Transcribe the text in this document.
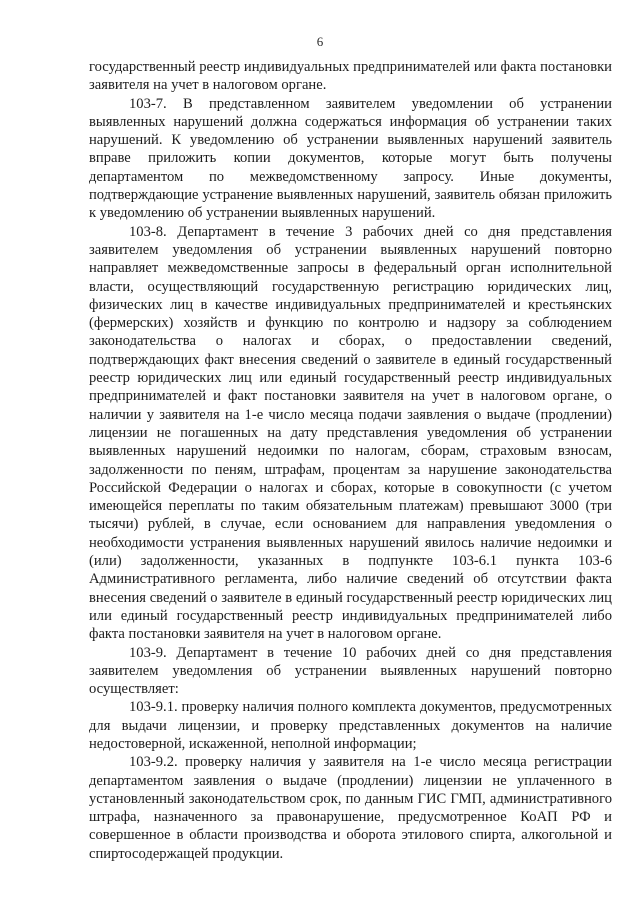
6

государственный реестр индивидуальных предпринимателей или факта постановки заявителя на учет в налоговом органе.

103-7. В представленном заявителем уведомлении об устранении выявленных нарушений должна содержаться информация об устранении таких нарушений. К уведомлению об устранении выявленных нарушений заявитель вправе приложить копии документов, которые могут быть получены департаментом по межведомственному запросу. Иные документы, подтверждающие устранение выявленных нарушений, заявитель обязан приложить к уведомлению об устранении выявленных нарушений.

103-8. Департамент в течение 3 рабочих дней со дня представления заявителем уведомления об устранении выявленных нарушений повторно направляет межведомственные запросы в федеральный орган исполнительной власти, осуществляющий государственную регистрацию юридических лиц, физических лиц в качестве индивидуальных предпринимателей и крестьянских (фермерских) хозяйств и функцию по контролю и надзору за соблюдением законодательства о налогах и сборах, о предоставлении сведений, подтверждающих факт внесения сведений о заявителе в единый государственный реестр юридических лиц или единый государственный реестр индивидуальных предпринимателей и факт постановки заявителя на учет в налоговом органе, о наличии у заявителя на 1-е число месяца подачи заявления о выдаче (продлении) лицензии не погашенных на дату представления уведомления об устранении выявленных нарушений недоимки по налогам, сборам, страховым взносам, задолженности по пеням, штрафам, процентам за нарушение законодательства Российской Федерации о налогах и сборах, которые в совокупности (с учетом имеющейся переплаты по таким обязательным платежам) превышают 3000 (три тысячи) рублей, в случае, если основанием для направления уведомления о необходимости устранения выявленных нарушений явилось наличие недоимки и (или) задолженности, указанных в подпункте 103-6.1 пункта 103-6 Административного регламента, либо наличие сведений об отсутствии факта внесения сведений о заявителе в единый государственный реестр юридических лиц или единый государственный реестр индивидуальных предпринимателей либо факта постановки заявителя на учет в налоговом органе.

103-9. Департамент в течение 10 рабочих дней со дня представления заявителем уведомления об устранении выявленных нарушений повторно осуществляет:

103-9.1. проверку наличия полного комплекта документов, предусмотренных для выдачи лицензии, и проверку представленных документов на наличие недостоверной, искаженной, неполной информации;

103-9.2. проверку наличия у заявителя на 1-е число месяца регистрации департаментом заявления о выдаче (продлении) лицензии не уплаченного в установленный законодательством срок, по данным ГИС ГМП, административного штрафа, назначенного за правонарушение, предусмотренное КоАП РФ и совершенное в области производства и оборота этилового спирта, алкогольной и спиртосодержащей продукции.
